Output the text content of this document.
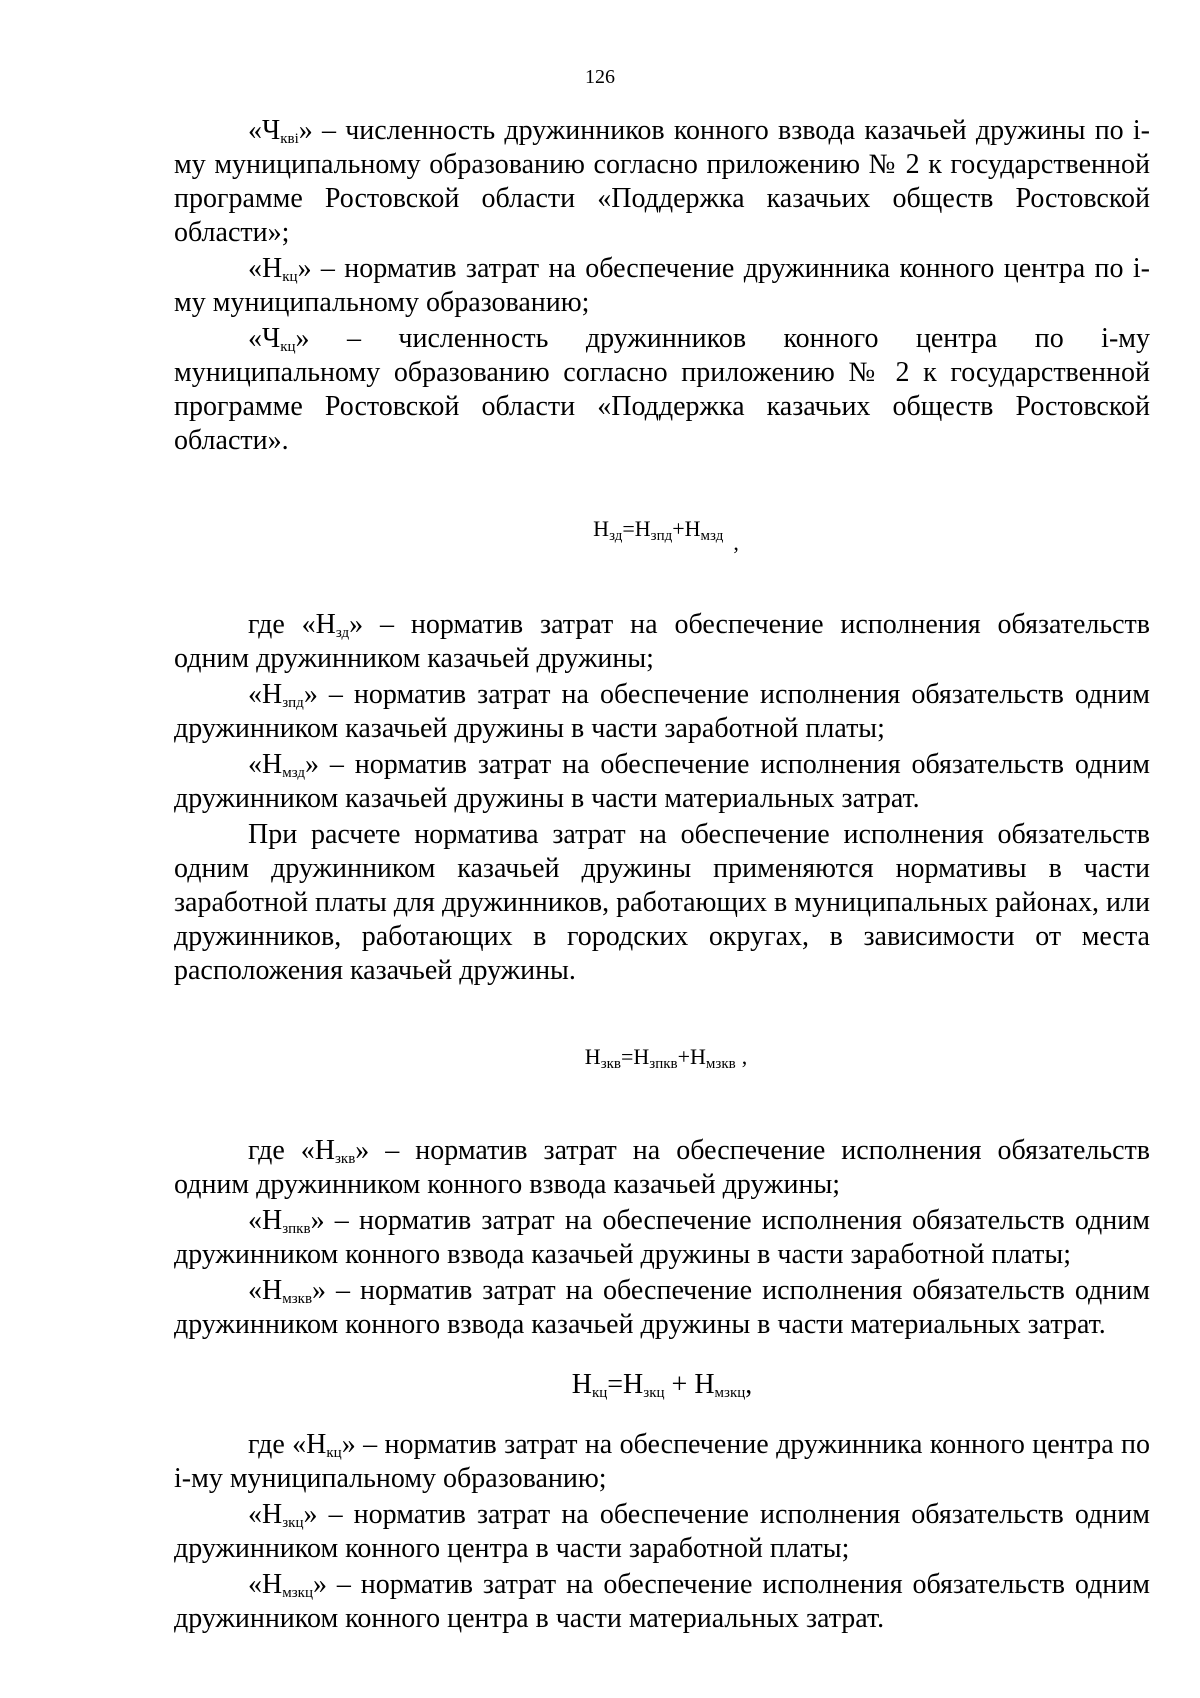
126

«$Ч_{кві}$» – численность дружинников конного взвода казачьей дружины по i-му муниципальному образованию согласно приложению № 2 к государственной программе Ростовской области «Поддержка казачьих обществ Ростовской области»;

«$Н_{кц}$» – норматив затрат на обеспечение дружинника конного центра по i-му муниципальному образованию;

«$Ч_{кц}$» – численность дружинников конного центра по i-му муниципальному образованию согласно приложению № 2 к государственной программе Ростовской области «Поддержка казачьих обществ Ростовской области».

$Н_{зд}=Н_{зпд}+Н_{мзд}$ ,

где «$Н_{зд}$» – норматив затрат на обеспечение исполнения обязательств одним дружинником казачьей дружины;

«$Н_{зпд}$» – норматив затрат на обеспечение исполнения обязательств одним дружинником казачьей дружины в части заработной платы;

«$Н_{мзд}$» – норматив затрат на обеспечение исполнения обязательств одним дружинником казачьей дружины в части материальных затрат.

При расчете норматива затрат на обеспечение исполнения обязательств одним дружинником казачьей дружины применяются нормативы в части заработной платы для дружинников, работающих в муниципальных районах, или дружинников, работающих в городских округах, в зависимости от места расположения казачьей дружины.

$Н_{зкв}=Н_{зпкв}+Н_{мзкв}$ ,

где «$Н_{зкв}$» – норматив затрат на обеспечение исполнения обязательств одним дружинником конного взвода казачьей дружины;

«$Н_{зпкв}$» – норматив затрат на обеспечение исполнения обязательств одним дружинником конного взвода казачьей дружины в части заработной платы;

«$Н_{мзкв}$» – норматив затрат на обеспечение исполнения обязательств одним дружинником конного взвода казачьей дружины в части материальных затрат.

$Н_{кц}=Н_{зкц} + Н_{мзкц}$,

где «$Н_{кц}$» – норматив затрат на обеспечение дружинника конного центра по i-му муниципальному образованию;

«$Н_{зкц}$» – норматив затрат на обеспечение исполнения обязательств одним дружинником конного центра в части заработной платы;

«$Н_{мзкц}$» – норматив затрат на обеспечение исполнения обязательств одним дружинником конного центра в части материальных затрат.
